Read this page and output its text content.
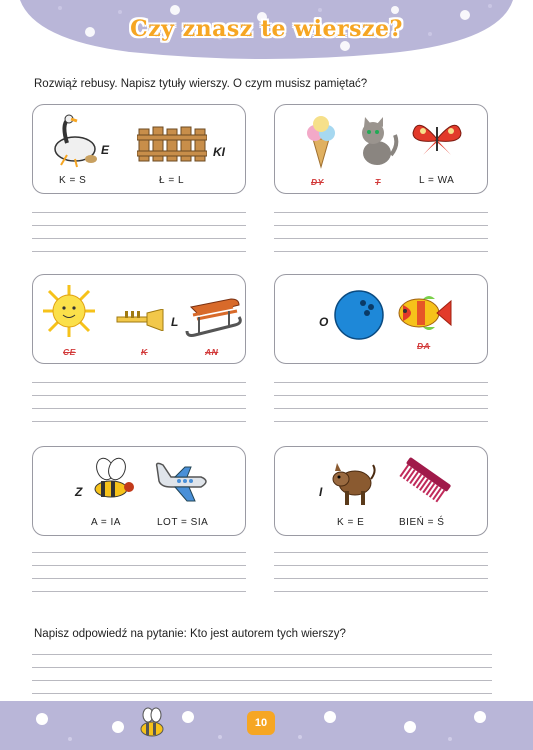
Czy znasz te wiersze?
Rozwiąż rebusy. Napisz tytuły wierszy. O czym musisz pamiętać?
E	KI
K = S	Ł = L	DY	T	L = WA
L
CE	K	AN
O
DA
Z
A = IA	LOT = SIA
I
K = E	BIEŃ = Ś
Napisz odpowiedź na pytanie: Kto jest autorem tych wierszy?
10
